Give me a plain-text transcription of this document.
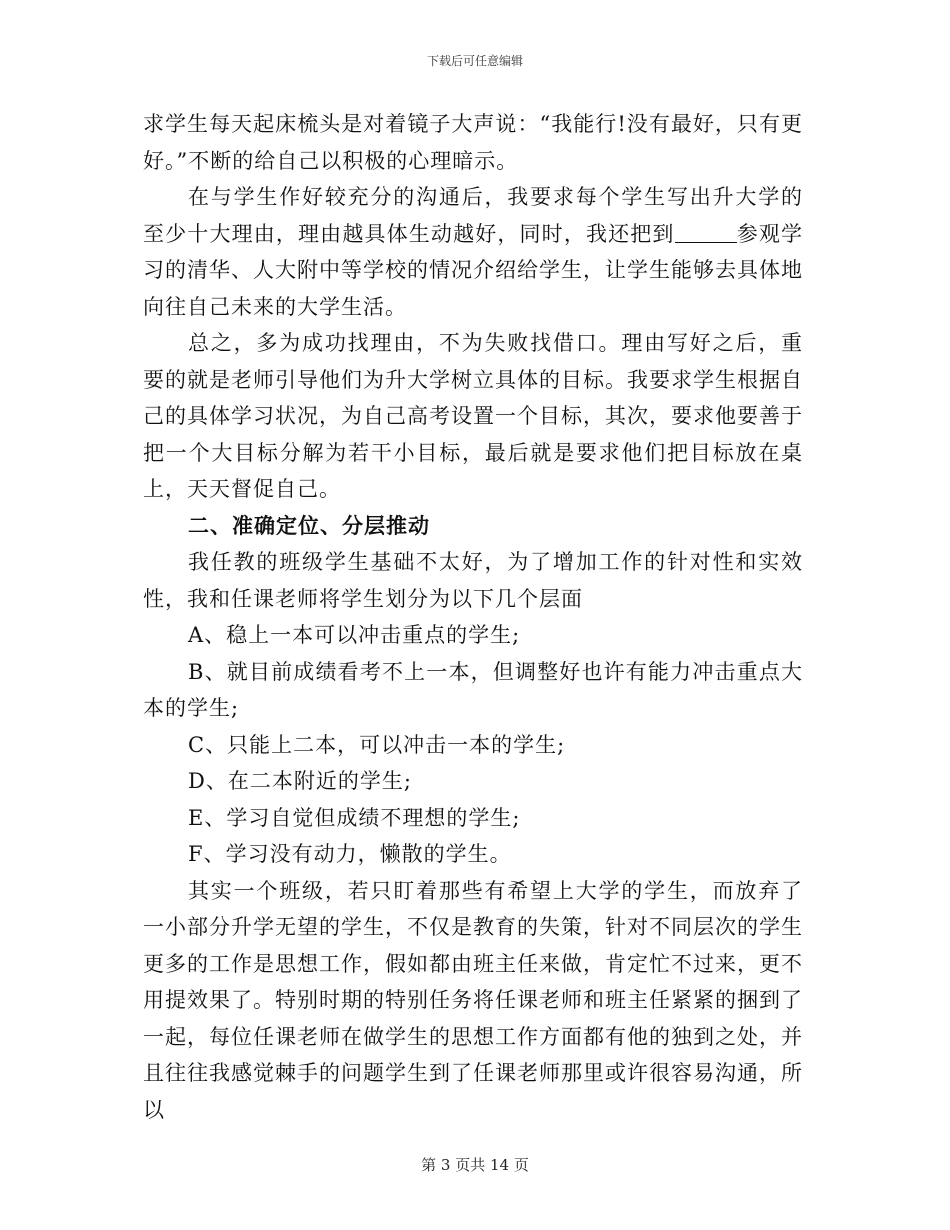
下载后可任意编辑

求学生每天起床梳头是对着镜子大声说：“我能行!没有最好，只有更好。”不断的给自己以积极的心理暗示。

在与学生作好较充分的沟通后，我要求每个学生写出升大学的至少十大理由，理由越具体生动越好，同时，我还把到	参观学习的清华、人大附中等学校的情况介绍给学生，让学生能够去具体地向往自己未来的大学生活。

总之，多为成功找理由，不为失败找借口。理由写好之后，重要的就是老师引导他们为升大学树立具体的目标。我要求学生根据自己的具体学习状况，为自己高考设置一个目标，其次，要求他要善于把一个大目标分解为若干小目标，最后就是要求他们把目标放在桌上，天天督促自己。

二、准确定位、分层推动

我任教的班级学生基础不太好，为了增加工作的针对性和实效性，我和任课老师将学生划分为以下几个层面

A、稳上一本可以冲击重点的学生;

B、就目前成绩看考不上一本，但调整好也许有能力冲击重点大本的学生;

C、只能上二本，可以冲击一本的学生;

D、在二本附近的学生;

E、学习自觉但成绩不理想的学生;

F、学习没有动力，懒散的学生。

其实一个班级，若只盯着那些有希望上大学的学生，而放弃了一小部分升学无望的学生，不仅是教育的失策，针对不同层次的学生更多的工作是思想工作，假如都由班主任来做，肯定忙不过来，更不用提效果了。特别时期的特别任务将任课老师和班主任紧紧的捆到了一起，每位任课老师在做学生的思想工作方面都有他的独到之处，并且往往我感觉棘手的问题学生到了任课老师那里或许很容易沟通，所以

第 3 页共 14 页
